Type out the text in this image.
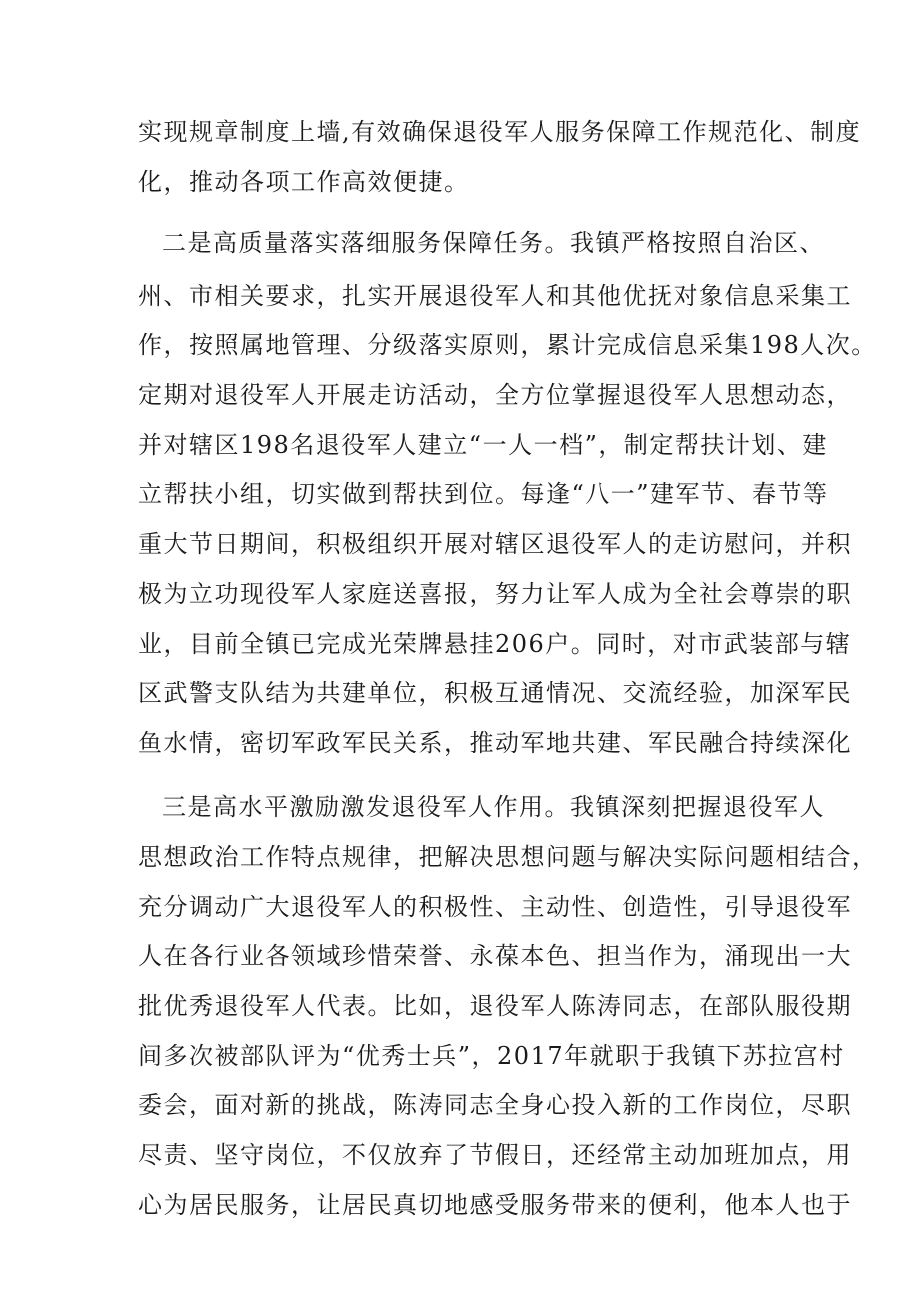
实现规章制度上墙,有效确保退役军人服务保障工作规范化、制度

化，推动各项工作高效便捷。

二是高质量落实落细服务保障任务。我镇严格按照自治区、

州、市相关要求，扎实开展退役军人和其他优抚对象信息采集工

作，按照属地管理、分级落实原则，累计完成信息采集198人次。

定期对退役军人开展走访活动，全方位掌握退役军人思想动态，

并对辖区198名退役军人建立“一人一档”，制定帮扶计划、建

立帮扶小组，切实做到帮扶到位。每逢“八一”建军节、春节等

重大节日期间，积极组织开展对辖区退役军人的走访慰问，并积

极为立功现役军人家庭送喜报，努力让军人成为全社会尊崇的职

业，目前全镇已完成光荣牌悬挂206户。同时，对市武装部与辖

区武警支队结为共建单位，积极互通情况、交流经验，加深军民

鱼水情，密切军政军民关系，推动军地共建、军民融合持续深化

三是高水平激励激发退役军人作用。我镇深刻把握退役军人

思想政治工作特点规律，把解决思想问题与解决实际问题相结合，

充分调动广大退役军人的积极性、主动性、创造性，引导退役军

人在各行业各领域珍惜荣誉、永葆本色、担当作为，涌现出一大

批优秀退役军人代表。比如，退役军人陈涛同志，在部队服役期

间多次被部队评为“优秀士兵”，2017年就职于我镇下苏拉宫村

委会，面对新的挑战，陈涛同志全身心投入新的工作岗位，尽职

尽责、坚守岗位，不仅放弃了节假日，还经常主动加班加点，用

心为居民服务，让居民真切地感受服务带来的便利，他本人也于
